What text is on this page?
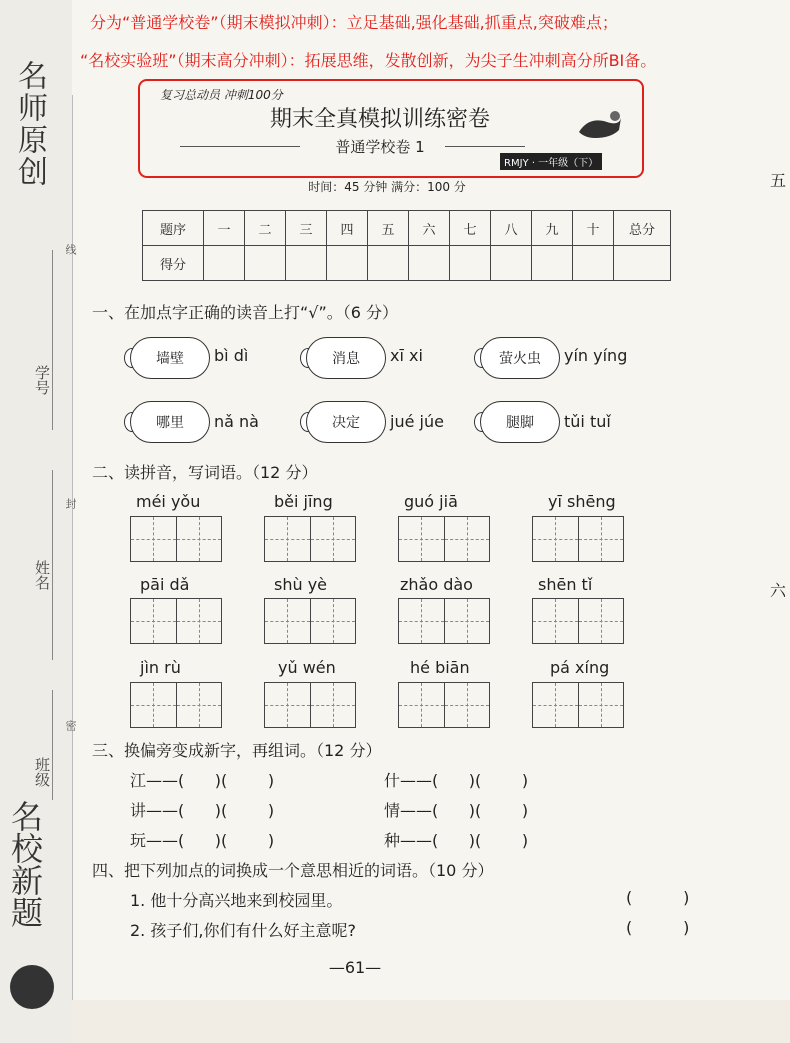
名师原创
学号
姓名
班级
线
封
密
名校新题
分为“普通学校卷”（期末模拟冲刺）：立足基础,强化基础,抓重点,突破难点；
“名校实验班”（期末高分冲刺）：拓展思维，发散创新，为尖子生冲刺高分所BI备。
复习总动员 冲刺100分
期末全真模拟训练密卷
普通学校卷 1
RMJY · 一年级（下）
时间：45 分钟 满分：100 分	五
六
题序	一	二	三	四	五	六	七	八	九	十	总分
得分											
一、在加点字正确的读音上打“√”。（6 分）
墙壁	bì dì	消息	xī xi	萤火虫	yín yíng
哪里	nǎ nà	决定	jué júe	腿脚	tǔi tuǐ
二、读拼音，写词语。（12 分）
méi yǒu	běi jīng	guó jiā	yī shēng
pāi dǎ	shù yè	zhǎo dào	shēn tǐ
jìn rù	yǔ wén	hé biān	pá xíng
三、换偏旁变成新字，再组词。（12 分）
江——(      )(        )	什——(      )(        )
讲——(      )(        )	情——(      )(        )
玩——(      )(        )	种——(      )(        )
四、把下列加点的词换成一个意思相近的词语。（10 分）
1. 他十分高兴地来到校园里。	(          )
2. 孩子们,你们有什么好主意呢?	(          )
—61—
